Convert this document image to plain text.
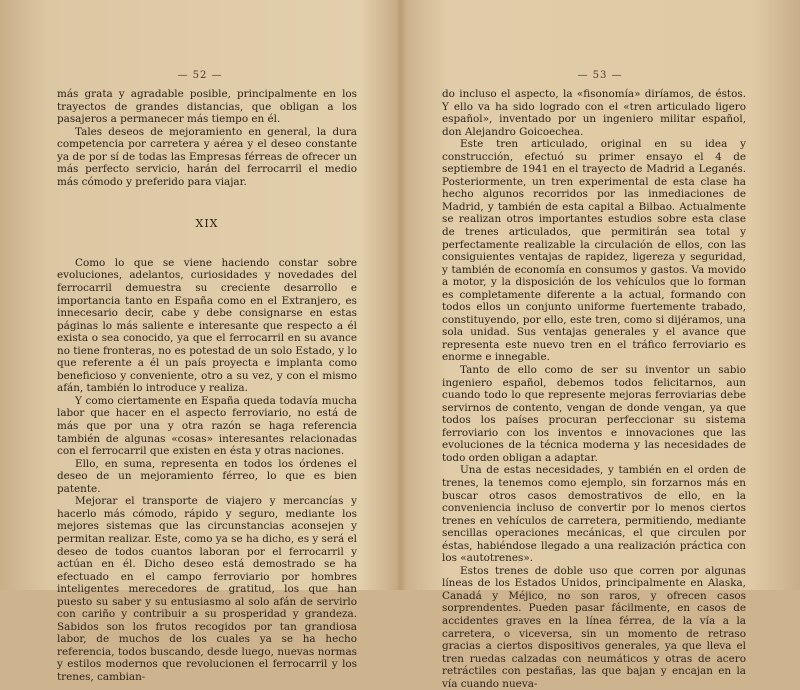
— 52 —

más grata y agradable posible, principalmente en los trayectos de grandes distancias, que obligan a los pasajeros a permanecer más tiempo en él.

Tales deseos de mejoramiento en general, la dura competencia por carretera y aérea y el deseo constante ya de por sí de todas las Empresas férreas de ofrecer un más perfecto servicio, harán del ferrocarril el medio más cómodo y preferido para viajar.

XIX

Como lo que se viene haciendo constar sobre evoluciones, adelantos, curiosidades y novedades del ferrocarril demuestra su creciente desarrollo e importancia tanto en España como en el Extranjero, es innecesario decir, cabe y debe consignarse en estas páginas lo más saliente e interesante que respecto a él exista o sea conocido, ya que el ferrocarril en su avance no tiene fronteras, no es potestad de un solo Estado, y lo que referente a él un país proyecta e implanta como beneficioso y conveniente, otro a su vez, y con el mismo afán, también lo introduce y realiza.

Y como ciertamente en España queda todavía mucha labor que hacer en el aspecto ferroviario, no está de más que por una y otra razón se haga referencia también de algunas «cosas» interesantes relacionadas con el ferrocarril que existen en ésta y otras naciones.

Ello, en suma, representa en todos los órdenes el deseo de un mejoramiento férreo, lo que es bien patente.

Mejorar el transporte de viajero y mercancías y hacerlo más cómodo, rápido y seguro, mediante los mejores sistemas que las circunstancias aconsejen y permitan realizar. Este, como ya se ha dicho, es y será el deseo de todos cuantos laboran por el ferrocarril y actúan en él. Dicho deseo está demostrado se ha efectuado en el campo ferroviario por hombres inteligentes merecedores de gratitud, los que han puesto su saber y su entusiasmo al solo afán de servirlo con cariño y contribuir a su prosperidad y grandeza. Sabidos son los frutos recogidos por tan grandiosa labor, de muchos de los cuales ya se ha hecho referencia, todos buscando, desde luego, nuevas normas y estilos modernos que revolucionen el ferrocarril y los trenes, cambian-

— 53 —

do incluso el aspecto, la «fisonomía» diríamos, de éstos. Y ello va ha sido logrado con el «tren articulado ligero español», inventado por un ingeniero militar español, don Alejandro Goicoechea.

Este tren articulado, original en su idea y construcción, efectuó su primer ensayo el 4 de septiembre de 1941 en el trayecto de Madrid a Leganés. Posteriormente, un tren experimental de esta clase ha hecho algunos recorridos por las inmediaciones de Madrid, y también de esta capital a Bilbao. Actualmente se realizan otros importantes estudios sobre esta clase de trenes articulados, que permitirán sea total y perfectamente realizable la circulación de ellos, con las consiguientes ventajas de rapidez, ligereza y seguridad, y también de economía en consumos y gastos. Va movido a motor, y la disposición de los vehículos que lo forman es completamente diferente a la actual, formando con todos ellos un conjunto uniforme fuertemente trabado, constituyendo, por ello, este tren, como si dijéramos, una sola unidad. Sus ventajas generales y el avance que representa este nuevo tren en el tráfico ferroviario es enorme e innegable.

Tanto de ello como de ser su inventor un sabio ingeniero español, debemos todos felicitarnos, aun cuando todo lo que represente mejoras ferroviarias debe servirnos de contento, vengan de donde vengan, ya que todos los países procuran perfeccionar su sistema ferroviario con los inventos e innovaciones que las evoluciones de la técnica moderna y las necesidades de todo orden obligan a adaptar.

Una de estas necesidades, y también en el orden de trenes, la tenemos como ejemplo, sin forzarnos más en buscar otros casos demostrativos de ello, en la conveniencia incluso de convertir por lo menos ciertos trenes en vehículos de carretera, permitiendo, mediante sencillas operaciones mecánicas, el que circulen por éstas, habiéndose llegado a una realización práctica con los «autotrenes».

Estos trenes de doble uso que corren por algunas líneas de los Estados Unidos, principalmente en Alaska, Canadá y Méjico, no son raros, y ofrecen casos sorprendentes. Pueden pasar fácilmente, en casos de accidentes graves en la línea férrea, de la vía a la carretera, o viceversa, sin un momento de retraso gracias a ciertos dispositivos generales, ya que lleva el tren ruedas calzadas con neumáticos y otras de acero retráctiles con pestañas, las que bajan y encajan en la vía cuando nueva-
